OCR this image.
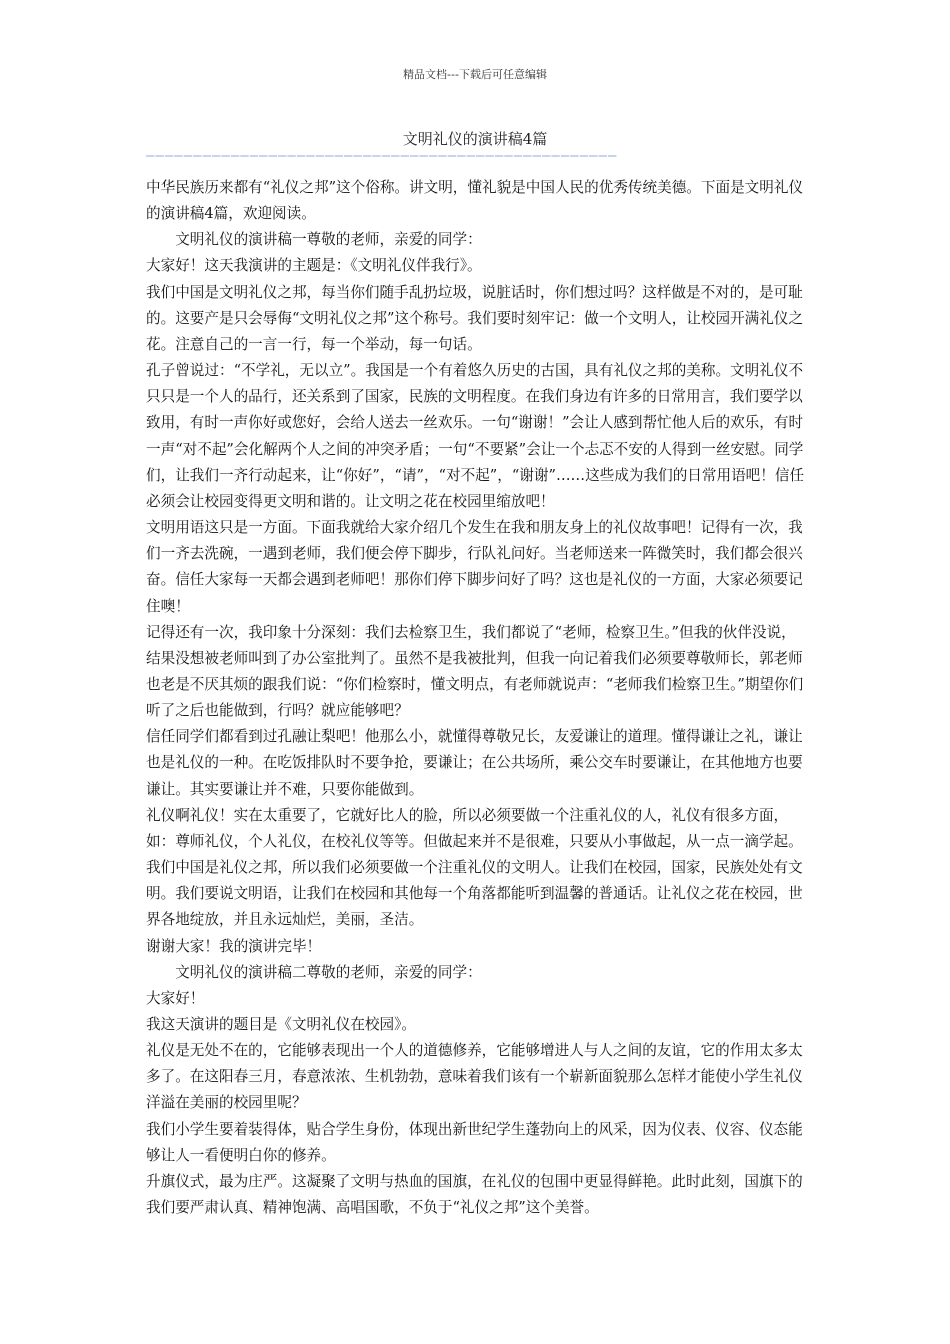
精品文档---下载后可任意编辑
文明礼仪的演讲稿4篇
——————————————————————————————————————————————————

中华民族历来都有“礼仪之邦”这个俗称。讲文明，懂礼貌是中国人民的优秀传统美德。下面是文明礼仪的演讲稿4篇，欢迎阅读。

文明礼仪的演讲稿一尊敬的老师，亲爱的同学：

大家好！这天我演讲的主题是：《文明礼仪伴我行》。

我们中国是文明礼仪之邦，每当你们随手乱扔垃圾，说脏话时，你们想过吗？这样做是不对的，是可耻的。这要产是只会辱侮“文明礼仪之邦”这个称号。我们要时刻牢记：做一个文明人，让校园开满礼仪之花。注意自己的一言一行，每一个举动，每一句话。

孔子曾说过：“不学礼，无以立”。我国是一个有着悠久历史的古国，具有礼仪之邦的美称。文明礼仪不只只是一个人的品行，还关系到了国家，民族的文明程度。在我们身边有许多的日常用言，我们要学以致用，有时一声你好或您好，会给人送去一丝欢乐。一句“谢谢！”会让人感到帮忙他人后的欢乐，有时一声“对不起”会化解两个人之间的冲突矛盾；一句“不要紧”会让一个忐忑不安的人得到一丝安慰。同学们，让我们一齐行动起来，让“你好”，“请”，“对不起”，“谢谢”……这些成为我们的日常用语吧！信任必须会让校园变得更文明和谐的。让文明之花在校园里缩放吧！

文明用语这只是一方面。下面我就给大家介绍几个发生在我和朋友身上的礼仪故事吧！记得有一次，我们一齐去洗碗，一遇到老师，我们便会停下脚步，行队礼问好。当老师送来一阵微笑时，我们都会很兴奋。信任大家每一天都会遇到老师吧！那你们停下脚步问好了吗？这也是礼仪的一方面，大家必须要记住噢！

记得还有一次，我印象十分深刻：我们去检察卫生，我们都说了“老师，检察卫生。”但我的伙伴没说，结果没想被老师叫到了办公室批判了。虽然不是我被批判，但我一向记着我们必须要尊敬师长，郭老师也老是不厌其烦的跟我们说：“你们检察时，懂文明点，有老师就说声：“老师我们检察卫生。”期望你们听了之后也能做到，行吗？就应能够吧？

信任同学们都看到过孔融让梨吧！他那么小，就懂得尊敬兄长，友爱谦让的道理。懂得谦让之礼，谦让也是礼仪的一种。在吃饭排队时不要争抢，要谦让；在公共场所，乘公交车时要谦让，在其他地方也要谦让。其实要谦让并不难，只要你能做到。

礼仪啊礼仪！实在太重要了，它就好比人的脸，所以必须要做一个注重礼仪的人，礼仪有很多方面，如：尊师礼仪，个人礼仪，在校礼仪等等。但做起来并不是很难，只要从小事做起，从一点一滴学起。

我们中国是礼仪之邦，所以我们必须要做一个注重礼仪的文明人。让我们在校园，国家，民族处处有文明。我们要说文明语，让我们在校园和其他每一个角落都能听到温馨的普通话。让礼仪之花在校园，世界各地绽放，并且永远灿烂，美丽，圣洁。

谢谢大家！我的演讲完毕！

文明礼仪的演讲稿二尊敬的老师，亲爱的同学：

大家好！

我这天演讲的题目是《文明礼仪在校园》。

礼仪是无处不在的，它能够表现出一个人的道德修养，它能够增进人与人之间的友谊，它的作用太多太多了。在这阳春三月，春意浓浓、生机勃勃，意味着我们该有一个崭新面貌那么怎样才能使小学生礼仪洋溢在美丽的校园里呢？

我们小学生要着装得体，贴合学生身份，体现出新世纪学生蓬勃向上的风采，因为仪表、仪容、仪态能够让人一看便明白你的修养。

升旗仪式，最为庄严。这凝聚了文明与热血的国旗，在礼仪的包围中更显得鲜艳。此时此刻，国旗下的我们要严肃认真、精神饱满、高唱国歌，不负于“礼仪之邦”这个美誉。
